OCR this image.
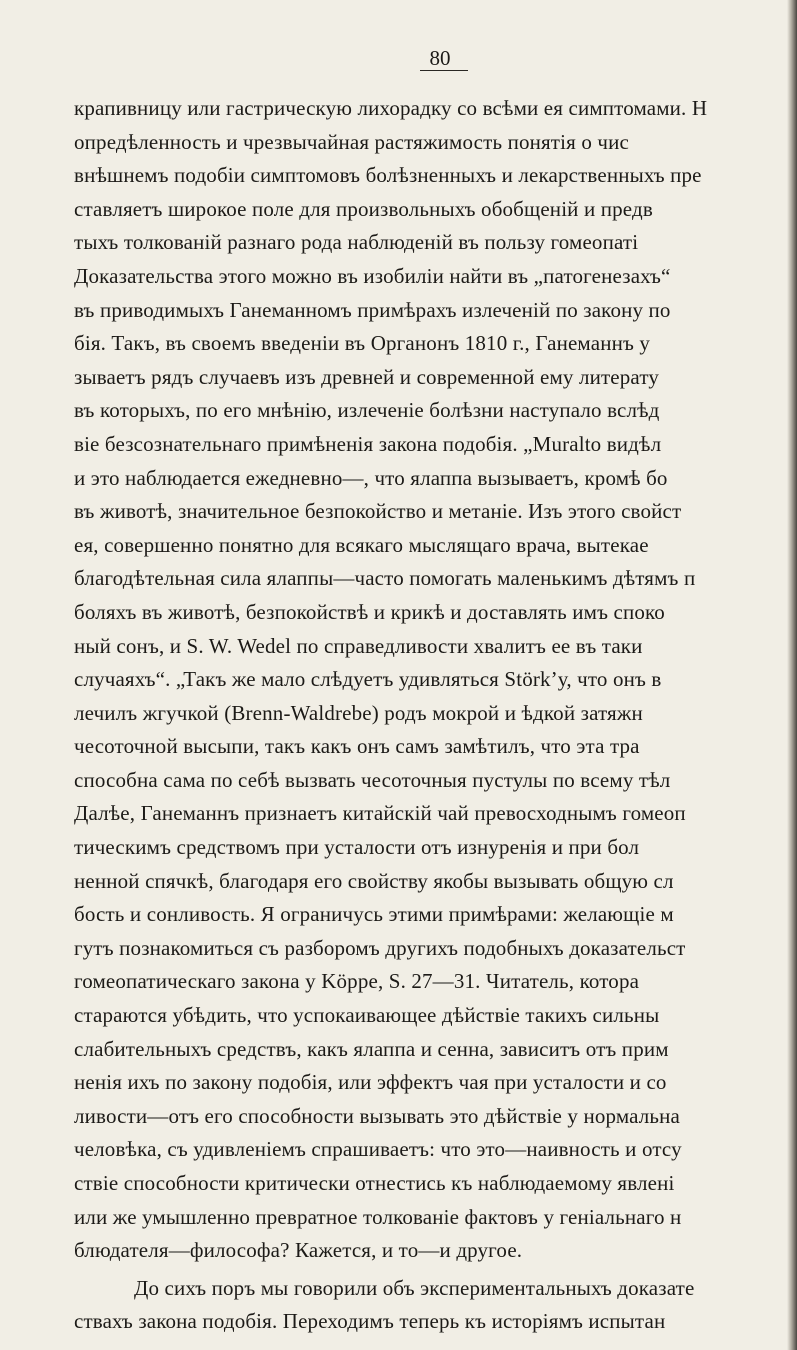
80
крапивницу или гастрическую лихорадку со всѣми ея симптомами. Н
опредѣленность и чрезвычайная растяжимость понятія о чис
внѣшнемъ подобіи симптомовъ болѣзненныхъ и лекарственныхъ пре
ставляетъ широкое поле для произвольныхъ обобщеній и предв
тыхъ толкованій разнаго рода наблюденій въ пользу гомеопаті
Доказательства этого можно въ изобиліи найти въ „патогенезахъ“
въ приводимыхъ Ганеманномъ примѣрахъ излеченій по закону по
бія. Такъ, въ своемъ введеніи въ Органонъ 1810 г., Ганеманнъ у
зываетъ рядъ случаевъ изъ древней и современной ему литерату
въ которыхъ, по его мнѣнію, излеченіе болѣзни наступало вслѣд
віе безсознательнаго примѣненія закона подобія. „Muralto видѣл
и это наблюдается ежедневно—, что ялаппа вызываетъ, кромѣ бо
въ животѣ, значительное безпокойство и метаніе. Изъ этого свойст
ея, совершенно понятно для всякаго мыслящаго врача, вытекае
благодѣтельная сила ялаппы—часто помогать маленькимъ дѣтямъ п
боляхъ въ животѣ, безпокойствѣ и крикѣ и доставлять имъ споко
ный сонъ, и S. W. Wedel по справедливости хвалитъ ее въ таки
случаяхъ“. „Такъ же мало слѣдуетъ удивляться Störk’у, что онъ в
лечилъ жгучкой (Brenn-Waldrebe) родъ мокрой и ѣдкой затяжн
чесоточной высыпи, такъ какъ онъ самъ замѣтилъ, что эта тра
способна сама по себѣ вызвать чесоточныя пустулы по всему тѣл
Далѣе, Ганеманнъ признаетъ китайскій чай превосходнымъ гомеоп
тическимъ средствомъ при усталости отъ изнуренія и при бол
ненной спячкѣ, благодаря его свойству якобы вызывать общую сл
бость и сонливость. Я ограничусь этими примѣрами: желающіе м
гутъ познакомиться съ разборомъ другихъ подобныхъ доказательст
гомеопатическаго закона у Köppe, S. 27—31. Читатель, котора
стараются убѣдить, что успокаивающее дѣйствіе такихъ сильны
слабительныхъ средствъ, какъ ялаппа и сенна, зависитъ отъ прим
ненія ихъ по закону подобія, или эффектъ чая при усталости и со
ливости—отъ его способности вызывать это дѣйствіе у нормальна
человѣка, съ удивленіемъ спрашиваетъ: что это—наивность и отсу
ствіе способности критически отнестись къ наблюдаемому явлені
или же умышленно превратное толкованіе фактовъ у геніальнаго н
блюдателя—философа? Кажется, и то—и другое.
До сихъ поръ мы говорили объ экспериментальныхъ доказате
ствахъ закона подобія. Переходимъ теперь къ исторіямъ испытан
